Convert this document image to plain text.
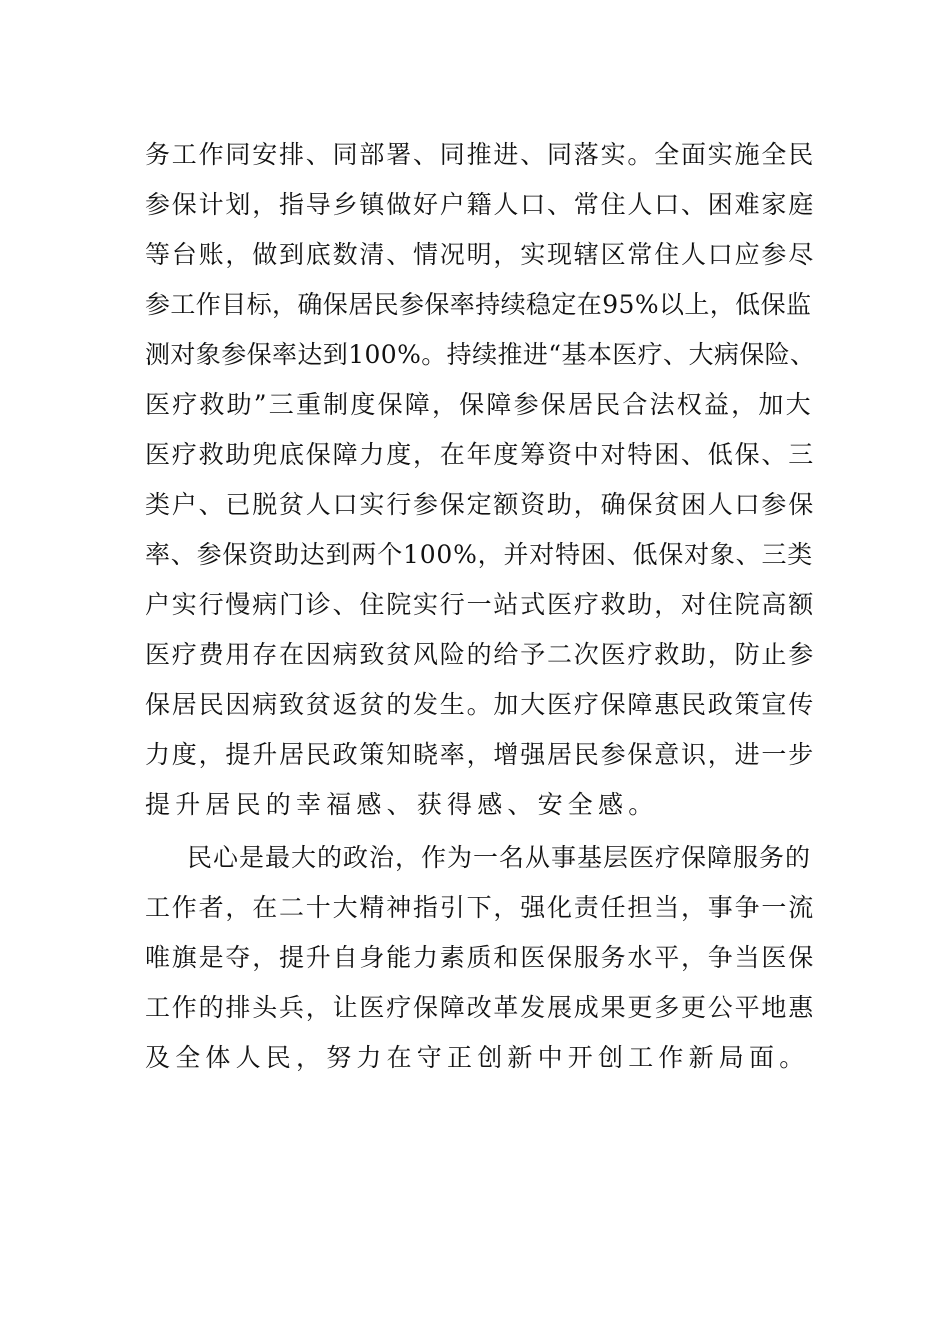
务工作同安排、同部署、同推进、同落实。全面实施全民
参保计划，指导乡镇做好户籍人口、常住人口、困难家庭
等台账，做到底数清、情况明，实现辖区常住人口应参尽
参工作目标，确保居民参保率持续稳定在95%以上，低保监
测对象参保率达到100%。持续推进“基本医疗、大病保险、
医疗救助”三重制度保障，保障参保居民合法权益，加大
医疗救助兜底保障力度，在年度筹资中对特困、低保、三
类户、已脱贫人口实行参保定额资助，确保贫困人口参保
率、参保资助达到两个100%，并对特困、低保对象、三类
户实行慢病门诊、住院实行一站式医疗救助，对住院高额
医疗费用存在因病致贫风险的给予二次医疗救助，防止参
保居民因病致贫返贫的发生。加大医疗保障惠民政策宣传
力度，提升居民政策知晓率，增强居民参保意识，进一步
提升居民的幸福感、获得感、安全感。
民心是最大的政治，作为一名从事基层医疗保障服务的
工作者，在二十大精神指引下，强化责任担当，事争一流
唯旗是夺，提升自身能力素质和医保服务水平，争当医保
工作的排头兵，让医疗保障改革发展成果更多更公平地惠
及全体人民，努力在守正创新中开创工作新局面。
